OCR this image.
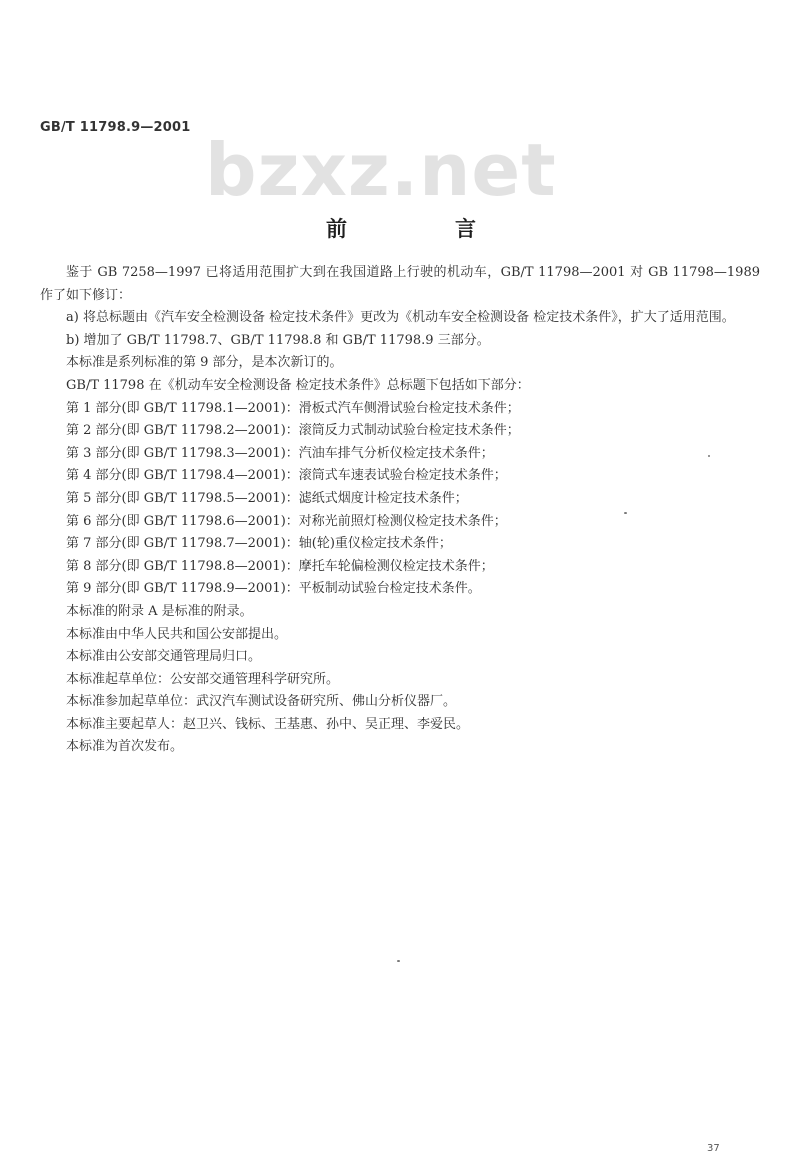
GB/T 11798.9—2001
bzxz.net
前	言

鉴于 GB 7258—1997 已将适用范围扩大到在我国道路上行驶的机动车，GB/T 11798—2001 对 GB 11798—1989 作了如下修订：

a) 将总标题由《汽车安全检测设备 检定技术条件》更改为《机动车安全检测设备 检定技术条件》，扩大了适用范围。

b) 增加了 GB/T 11798.7、GB/T 11798.8 和 GB/T 11798.9 三部分。

本标准是系列标准的第 9 部分，是本次新订的。

GB/T 11798 在《机动车安全检测设备 检定技术条件》总标题下包括如下部分：

第 1 部分(即 GB/T 11798.1—2001)：滑板式汽车侧滑试验台检定技术条件；

第 2 部分(即 GB/T 11798.2—2001)：滚筒反力式制动试验台检定技术条件；

第 3 部分(即 GB/T 11798.3—2001)：汽油车排气分析仪检定技术条件；

第 4 部分(即 GB/T 11798.4—2001)：滚筒式车速表试验台检定技术条件；

第 5 部分(即 GB/T 11798.5—2001)：滤纸式烟度计检定技术条件；

第 6 部分(即 GB/T 11798.6—2001)：对称光前照灯检测仪检定技术条件；

第 7 部分(即 GB/T 11798.7—2001)：轴(轮)重仪检定技术条件；

第 8 部分(即 GB/T 11798.8—2001)：摩托车轮偏检测仪检定技术条件；

第 9 部分(即 GB/T 11798.9—2001)：平板制动试验台检定技术条件。

本标准的附录 A 是标准的附录。

本标准由中华人民共和国公安部提出。

本标准由公安部交通管理局归口。

本标准起草单位：公安部交通管理科学研究所。

本标准参加起草单位：武汉汽车测试设备研究所、佛山分析仪器厂。

本标准主要起草人：赵卫兴、钱标、王基惠、孙中、吴正理、李爱民。

本标准为首次发布。

37
